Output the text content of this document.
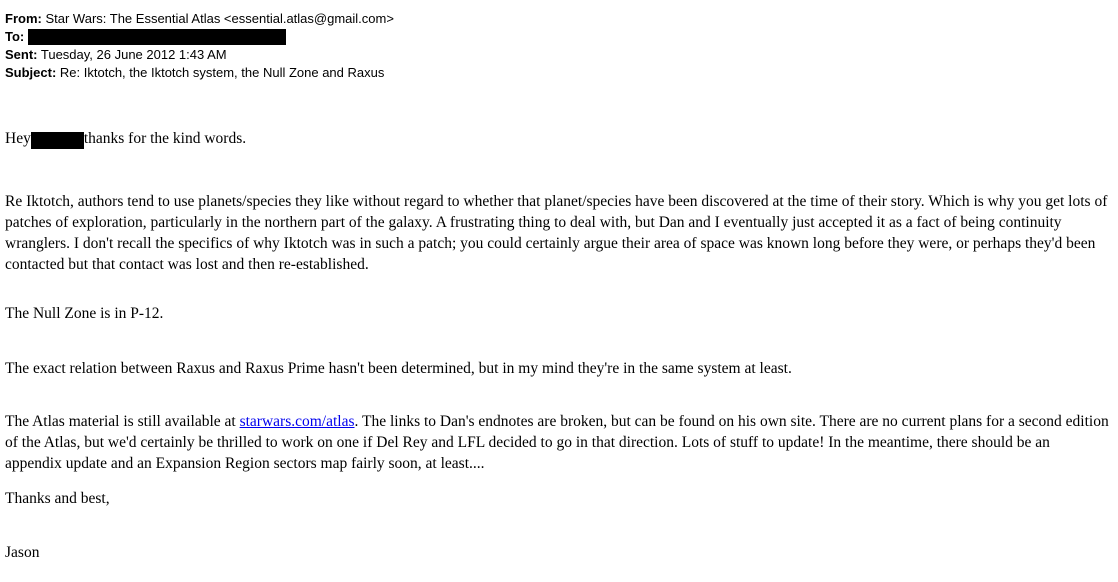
From: Star Wars: The Essential Atlas <essential.atlas@gmail.com>
To:
Sent: Tuesday, 26 June 2012 1:43 AM
Subject: Re: Iktotch, the Iktotch system, the Null Zone and Raxus
Hey	thanks for the kind words.
Re Iktotch, authors tend to use planets/species they like without regard to whether that planet/species have been discovered at the time of their story. Which is why you get lots of patches of exploration, particularly in the northern part of the galaxy. A frustrating thing to deal with, but Dan and I eventually just accepted it as a fact of being continuity wranglers. I don't recall the specifics of why Iktotch was in such a patch; you could certainly argue their area of space was known long before they were, or perhaps they'd been contacted but that contact was lost and then re-established.
The Null Zone is in P-12.
The exact relation between Raxus and Raxus Prime hasn't been determined, but in my mind they're in the same system at least.
The Atlas material is still available at starwars.com/atlas. The links to Dan's endnotes are broken, but can be found on his own site. There are no current plans for a second edition of the Atlas, but we'd certainly be thrilled to work on one if Del Rey and LFL decided to go in that direction. Lots of stuff to update! In the meantime, there should be an appendix update and an Expansion Region sectors map fairly soon, at least....
Thanks and best,
Jason
